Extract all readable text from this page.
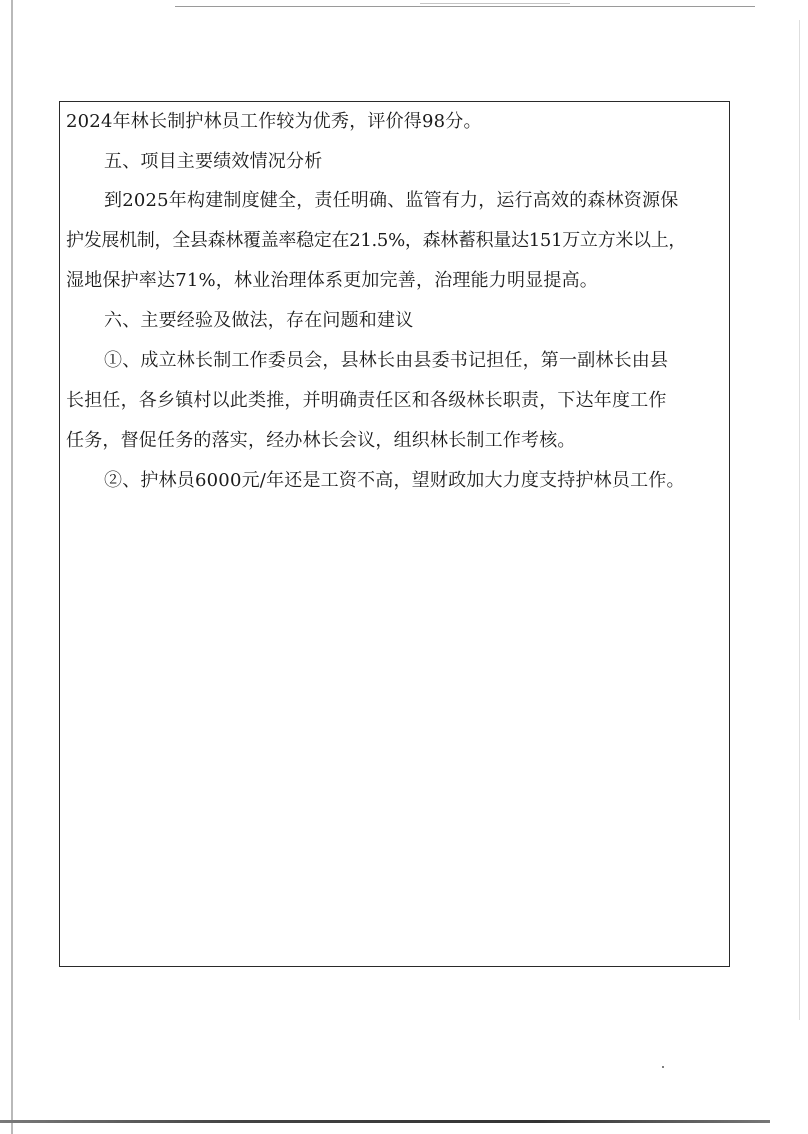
2024年林长制护林员工作较为优秀，评价得98分。

五、项目主要绩效情况分析

到2025年构建制度健全，责任明确、监管有力，运行高效的森林资源保

护发展机制，全县森林覆盖率稳定在21.5%，森林蓄积量达151万立方米以上，

湿地保护率达71%，林业治理体系更加完善，治理能力明显提高。

六、主要经验及做法，存在问题和建议

①、成立林长制工作委员会，县林长由县委书记担任，第一副林长由县

长担任，各乡镇村以此类推，并明确责任区和各级林长职责，下达年度工作

任务，督促任务的落实，经办林长会议，组织林长制工作考核。

②、护林员6000元/年还是工资不高，望财政加大力度支持护林员工作。
